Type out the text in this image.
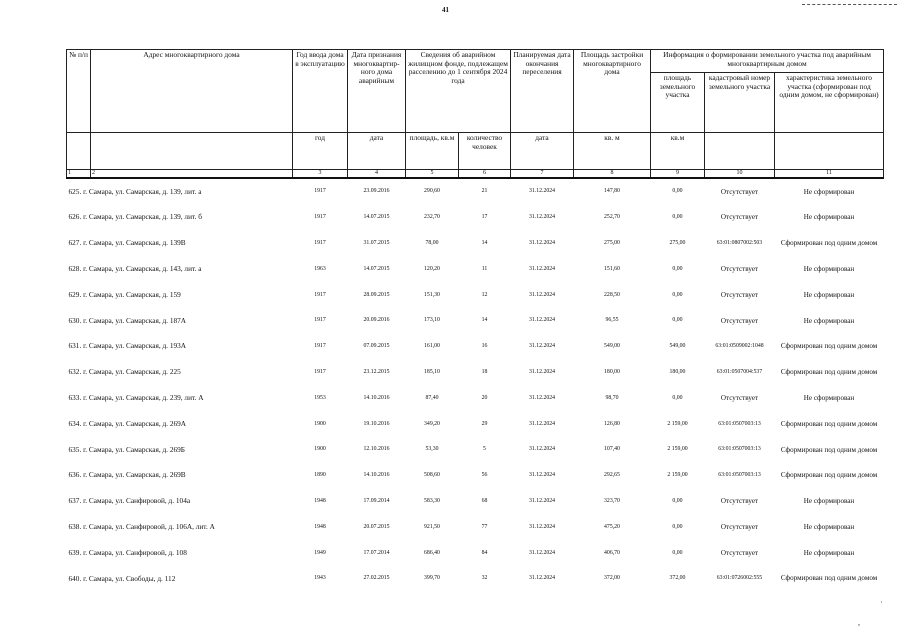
41
№ п/п	Адрес многоквартирного дома	Год ввода дома в эксплуатацию	Дата признания многоквартир-ного дома аварийным	Сведения об аварийном жилищном фонде, подлежащем расселению до 1 сентября 2024 года		Планируемая дата окончания переселения	Площадь застройки многоквартирного дома	Информация о формировании земельного участка под аварийным многоквартирным домом		
								площадь земельного участка	кадастровый номер земельного участка	характеристика земельного участка (сформирован под одним домом, не сформирован)
		год	дата	площадь, кв.м	количество человек	дата	кв. м	кв.м		
1	2	3	4	5	6	7	8	9	10	11
625. г. Самара, ул. Самарская, д. 139, лит. а		1917	23.09.2016	290,60	21	31.12.2024	147,80	0,00	Отсутствует	Не сформирован
626. г. Самара, ул. Самарская, д. 139, лит. б		1917	14.07.2015	232,70	17	31.12.2024	252,70	0,00	Отсутствует	Не сформирован
627. г. Самара, ул. Самарская, д. 139В		1917	31.07.2015	78,00	14	31.12.2024	275,00	275,00	63:01:0807002:503	Сформирован под одним домом
628. г. Самара, ул. Самарская, д. 143, лит. а		1963	14.07.2015	120,20	11	31.12.2024	151,60	0,00	Отсутствует	Не сформирован
629. г. Самара, ул. Самарская, д. 159		1917	28.09.2015	151,30	12	31.12.2024	228,50	0,00	Отсутствует	Не сформирован
630. г. Самара, ул. Самарская, д. 187А		1917	20.09.2016	173,10	14	31.12.2024	96,55	0,00	Отсутствует	Не сформирован
631. г. Самара, ул. Самарская, д. 193А		1917	07.09.2015	161,00	16	31.12.2024	549,00	549,00	63:01:0509002:1048	Сформирован под одним домом
632. г. Самара, ул. Самарская, д. 225		1917	23.12.2015	185,10	18	31.12.2024	180,00	180,00	63:01:0507004:537	Сформирован под одним домом
633. г. Самара, ул. Самарская, д. 239, лит. А		1953	14.10.2016	87,40	20	31.12.2024	98,70	0,00	Отсутствует	Не сформирован
634. г. Самара, ул. Самарская, д. 269А		1900	19.10.2016	349,20	29	31.12.2024	126,80	2 159,00	63:01:0507003:13	Сформирован под одним домом
635. г. Самара, ул. Самарская, д. 269Б		1900	12.10.2016	53,30	5	31.12.2024	107,40	2 159,00	63:01:0507003:13	Сформирован под одним домом
636. г. Самара, ул. Самарская, д. 269В		1890	14.10.2016	508,60	56	31.12.2024	292,65	2 159,00	63:01:0507003:13	Сформирован под одним домом
637. г. Самара, ул. Санфировой, д. 104а		1948	17.09.2014	583,30	68	31.12.2024	323,70	0,00	Отсутствует	Не сформирован
638. г. Самара, ул. Санфировой, д. 106А, лит. А		1948	20.07.2015	921,50	77	31.12.2024	475,20	0,00	Отсутствует	Не сформирован
639. г. Самара, ул. Санфировой, д. 108		1949	17.07.2014	686,40	84	31.12.2024	406,70	0,00	Отсутствует	Не сформирован
640. г. Самара, ул. Свободы, д. 112		1943	27.02.2015	399,70	32	31.12.2024	372,00	372,00	63:01:0726002:555	Сформирован под одним домом
,
·
